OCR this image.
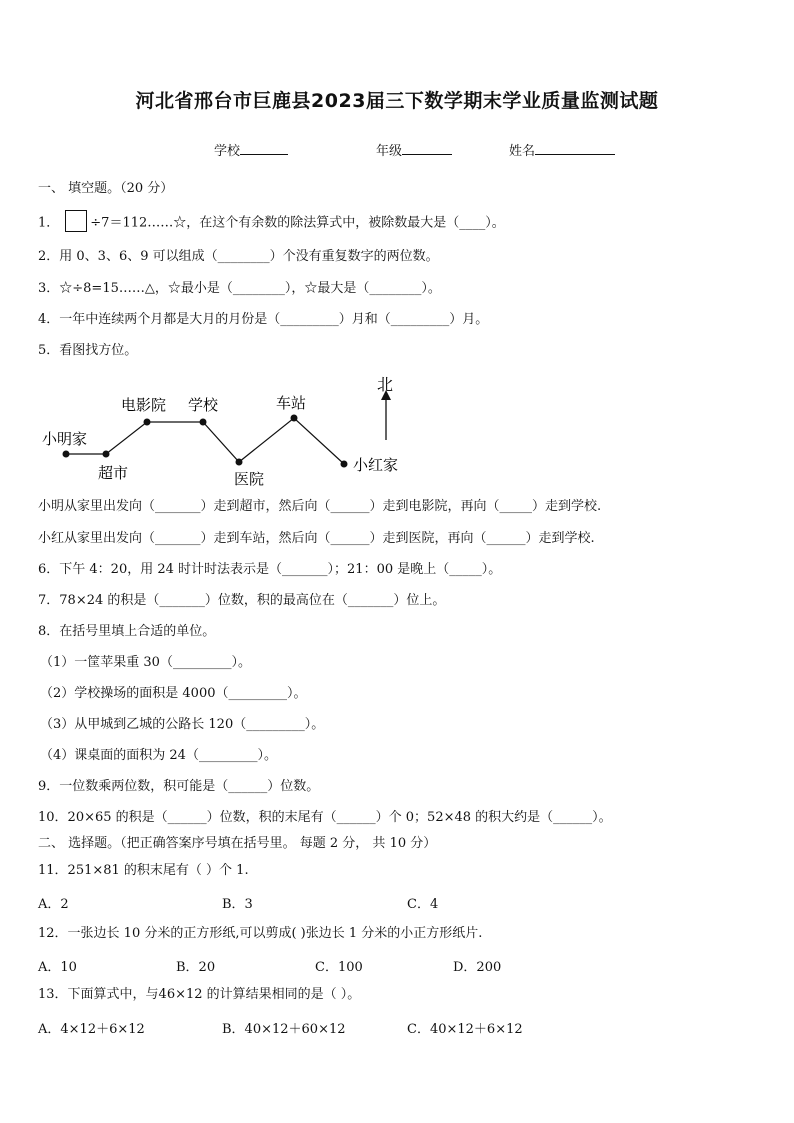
河北省邢台市巨鹿县2023届三下数学期末学业质量监测试题
学校	年级	姓名
一、 填空题。（20 分）
1． ÷7＝112……☆，在这个有余数的除法算式中，被除数最大是（____）。
2．用 0、3、6、9 可以组成（________）个没有重复数字的两位数。
3．☆÷8=15……△，☆最小是（________），☆最大是（________）。
4．一年中连续两个月都是大月的月份是（_________）月和（_________）月。
5．看图找方位。
北
小明家
超市
电影院 学校
医院
车站
小红家
小明从家里出发向（_______）走到超市，然后向（______）走到电影院，再向（_____）走到学校.
小红从家里出发向（_______）走到车站，然后向（______）走到医院，再向（______）走到学校.
6．下午 4：20，用 24 时计时法表示是（_______）；21：00 是晚上（_____）。
7．78×24 的积是（_______）位数，积的最高位在（_______）位上。
8．在括号里填上合适的单位。
（1）一筐苹果重 30（_________）。
（2）学校操场的面积是 4000（_________）。
（3）从甲城到乙城的公路长 120（_________）。
（4）课桌面的面积为 24（_________）。
9．一位数乘两位数，积可能是（______）位数。
10．20×65 的积是（______）位数，积的末尾有（______）个 0；52×48 的积大约是（______）。
二、 选择题。（把正确答案序号填在括号里。 每题 2 分， 共 10 分）
11．251×81 的积末尾有（ ）个 1.
A．2	B．3	C．4
12．一张边长 10 分米的正方形纸,可以剪成( )张边长 1 分米的小正方形纸片.
A．10	B．20	C．100	D．200
13．下面算式中，与46×12 的计算结果相同的是（ ）。
A．4×12＋6×12	B．40×12＋60×12	C．40×12＋6×12
